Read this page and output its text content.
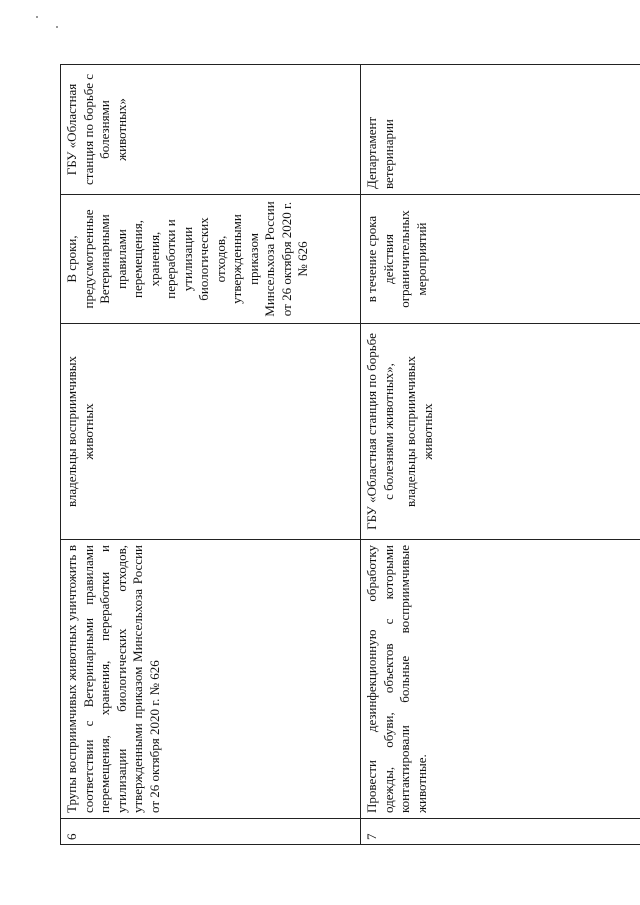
6	Трупы восприимчивых животных уничтожить в соответствии с Ветеринарными правилами перемещения, хранения, переработки и утилизации биологических отходов, утвержденными приказом Минсельхоза России от 26 октября 2020 г. № 626	владельцы восприимчивых животных	В сроки, предусмотренные Ветеринарными правилами перемещения, хранения, переработки и утилизации биологических отходов, утвержденными приказом Минсельхоза России от 26 октября 2020 г. № 626	ГБУ «Областная станция по борьбе с болезнями животных»
7	Провести дезинфекционную обработку одежды, обуви, объектов с которыми контактировали больные восприимчивые животные.	ГБУ «Областная станция по борьбе с болезнями животных», владельцы восприимчивых животных	в течение срока действия ограничительных мероприятий	Департамент ветеринарии
